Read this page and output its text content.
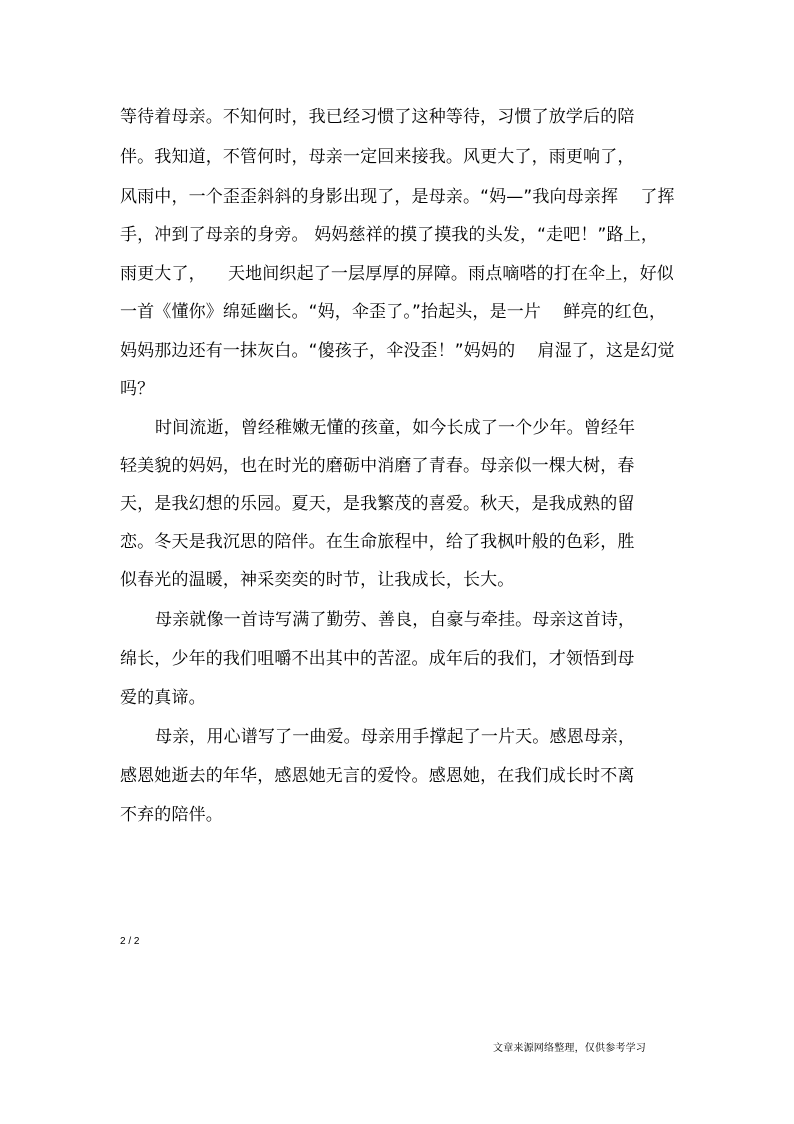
等待着母亲。不知何时，我已经习惯了这种等待，习惯了放学后的陪
伴。我知道，不管何时，母亲一定回来接我。风更大了，雨更响了，
风雨中，一个歪歪斜斜的身影出现了，是母亲。“妈—”我向母亲挥    了挥
手，冲到了母亲的身旁。 妈妈慈祥的摸了摸我的头发，“走吧！”路上，
雨更大了，    天地间织起了一层厚厚的屏障。雨点嘀嗒的打在伞上，好似
一首《懂你》绵延幽长。“妈，伞歪了。”抬起头，是一片    鲜亮的红色，
妈妈那边还有一抹灰白。“傻孩子，伞没歪！”妈妈的    肩湿了，这是幻觉
吗？
时间流逝，曾经稚嫩无懂的孩童，如今长成了一个少年。曾经年
轻美貌的妈妈，也在时光的磨砺中消磨了青春。母亲似一棵大树，春
天，是我幻想的乐园。夏天，是我繁茂的喜爱。秋天，是我成熟的留
恋。冬天是我沉思的陪伴。在生命旅程中，给了我枫叶般的色彩，胜
似春光的温暖，神采奕奕的时节，让我成长，长大。
母亲就像一首诗写满了勤劳、善良，自豪与牵挂。母亲这首诗，
绵长，少年的我们咀嚼不出其中的苦涩。成年后的我们，才领悟到母
爱的真谛。
母亲，用心谱写了一曲爱。母亲用手撑起了一片天。感恩母亲，
感恩她逝去的年华，感恩她无言的爱怜。感恩她，在我们成长时不离
不弃的陪伴。
2 / 2
文章来源网络整理，仅供参考学习
